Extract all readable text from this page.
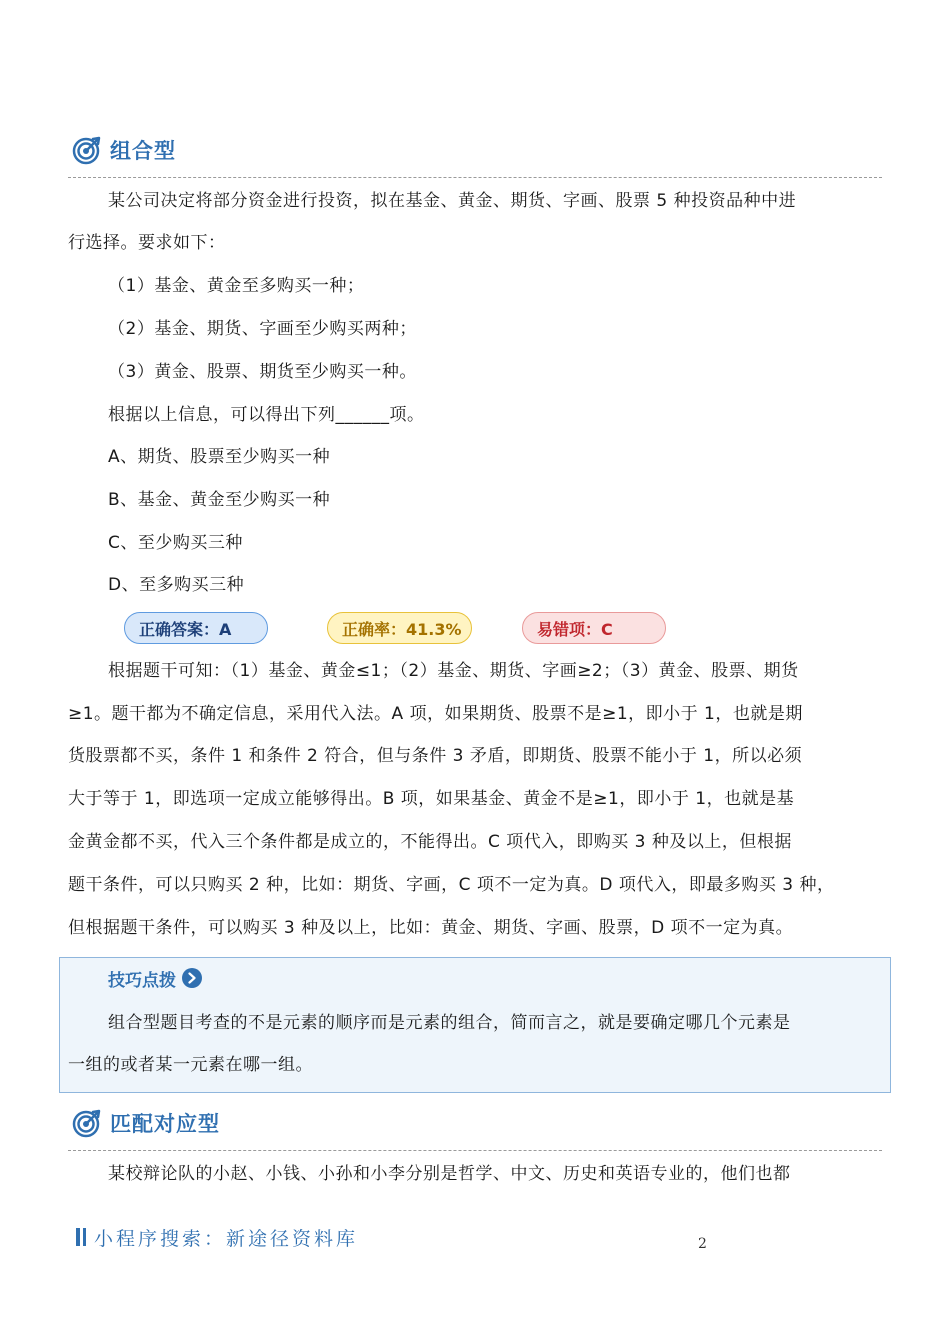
组合型
某公司决定将部分资金进行投资，拟在基金、黄金、期货、字画、股票 5 种投资品种中进
行选择。要求如下：
（1）基金、黄金至多购买一种；
（2）基金、期货、字画至少购买两种；
（3）黄金、股票、期货至少购买一种。
根据以上信息，可以得出下列______项。
A、期货、股票至少购买一种
B、基金、黄金至少购买一种
C、至少购买三种
D、至多购买三种
正确答案：A	正确率：41.3%	易错项：C
根据题干可知：（1）基金、黄金≤1；（2）基金、期货、字画≥2；（3）黄金、股票、期货
≥1。题干都为不确定信息，采用代入法。A 项，如果期货、股票不是≥1，即小于 1，也就是期
货股票都不买，条件 1 和条件 2 符合，但与条件 3 矛盾，即期货、股票不能小于 1，所以必须
大于等于 1，即选项一定成立能够得出。B 项，如果基金、黄金不是≥1，即小于 1，也就是基
金黄金都不买，代入三个条件都是成立的，不能得出。C 项代入，即购买 3 种及以上，但根据
题干条件，可以只购买 2 种，比如：期货、字画，C 项不一定为真。D 项代入，即最多购买 3 种，
但根据题干条件，可以购买 3 种及以上，比如：黄金、期货、字画、股票，D 项不一定为真。
技巧点拨
组合型题目考查的不是元素的顺序而是元素的组合，简而言之，就是要确定哪几个元素是
一组的或者某一元素在哪一组。
匹配对应型
某校辩论队的小赵、小钱、小孙和小李分别是哲学、中文、历史和英语专业的，他们也都
小程序搜索：新途径资料库	2
